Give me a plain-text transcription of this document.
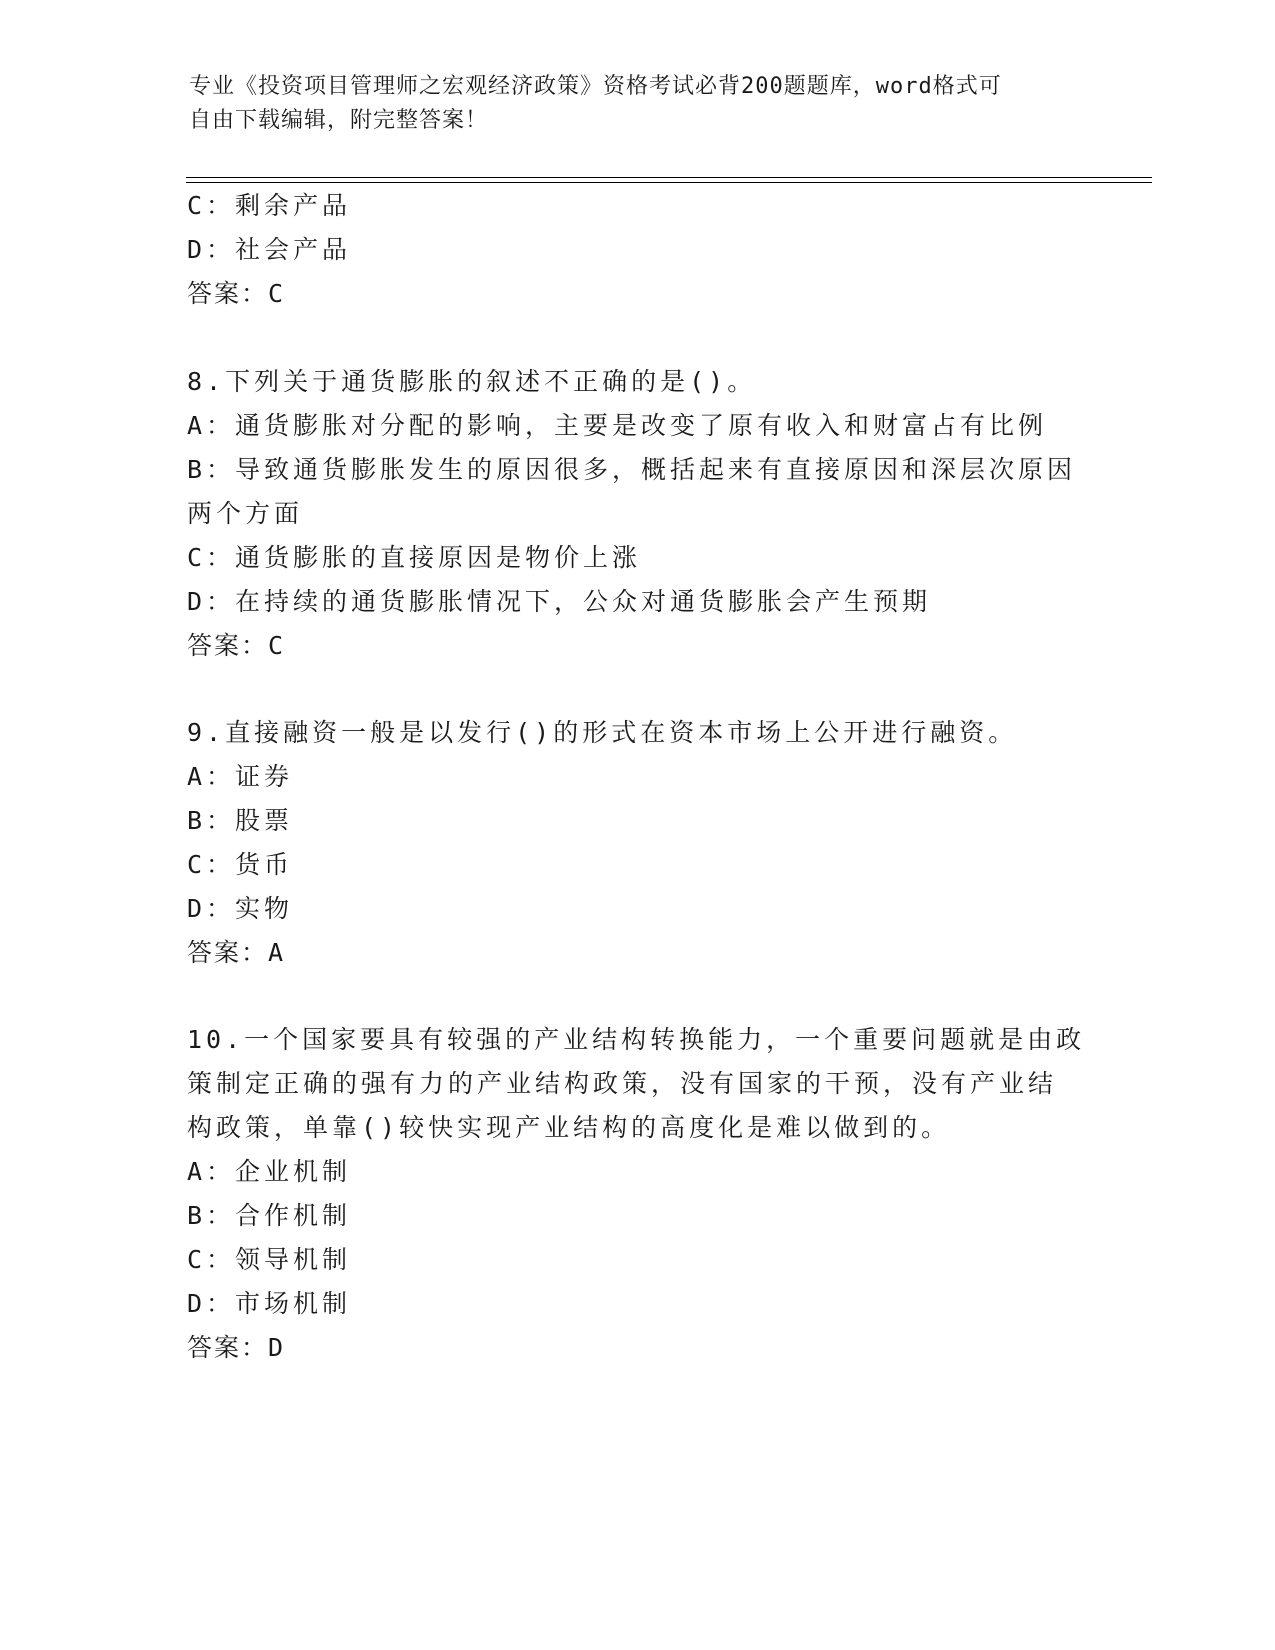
专业《投资项目管理师之宏观经济政策》资格考试必背200题题库，word格式可
自由下载编辑，附完整答案！
C：剩余产品
D：社会产品
答案：C
8.下列关于通货膨胀的叙述不正确的是()。
A：通货膨胀对分配的影响，主要是改变了原有收入和财富占有比例
B：导致通货膨胀发生的原因很多，概括起来有直接原因和深层次原因
两个方面
C：通货膨胀的直接原因是物价上涨
D：在持续的通货膨胀情况下，公众对通货膨胀会产生预期
答案：C
9.直接融资一般是以发行()的形式在资本市场上公开进行融资。
A：证券
B：股票
C：货币
D：实物
答案：A
10.一个国家要具有较强的产业结构转换能力，一个重要问题就是由政
策制定正确的强有力的产业结构政策，没有国家的干预，没有产业结
构政策，单靠()较快实现产业结构的高度化是难以做到的。
A：企业机制
B：合作机制
C：领导机制
D：市场机制
答案：D
